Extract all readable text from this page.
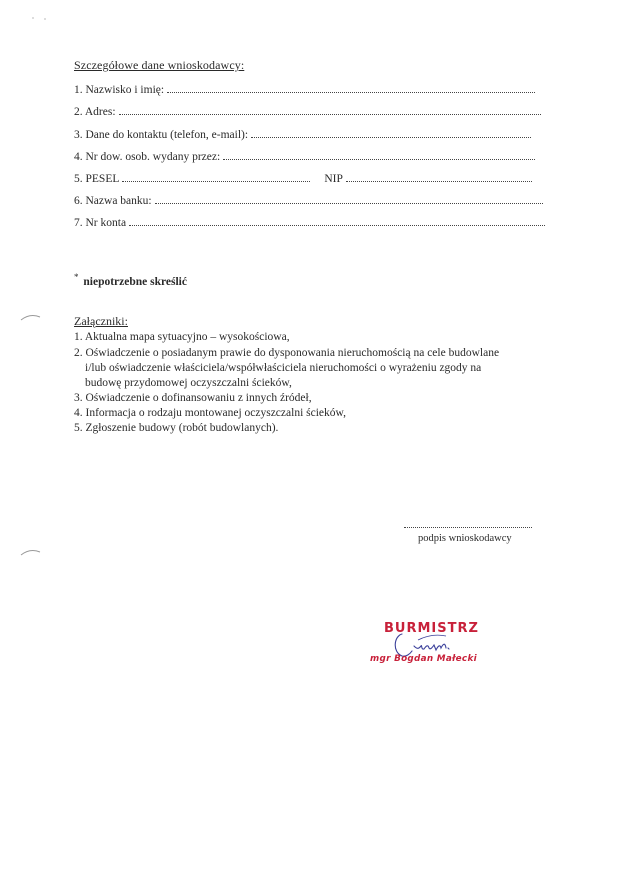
Szczegółowe dane wnioskodawcy:
1. Nazwisko i imię:
2. Adres:
3. Dane do kontaktu (telefon, e-mail):
4. Nr dow. osob. wydany przez:
5. PESEL	NIP
6. Nazwa banku:
7. Nr konta
* niepotrzebne skreślić
Załączniki:
1. Aktualna mapa sytuacyjno – wysokościowa,
2. Oświadczenie o posiadanym prawie do dysponowania nieruchomością na cele budowlane
i/lub oświadczenie właściciela/współwłaściciela nieruchomości o wyrażeniu zgody na
budowę przydomowej oczyszczalni ścieków,
3. Oświadczenie o dofinansowaniu z innych źródeł,
4. Informacja o rodzaju montowanej oczyszczalni ścieków,
5. Zgłoszenie budowy (robót budowlanych).
podpis wnioskodawcy
BURMISTRZ
mgr Bogdan Małecki
